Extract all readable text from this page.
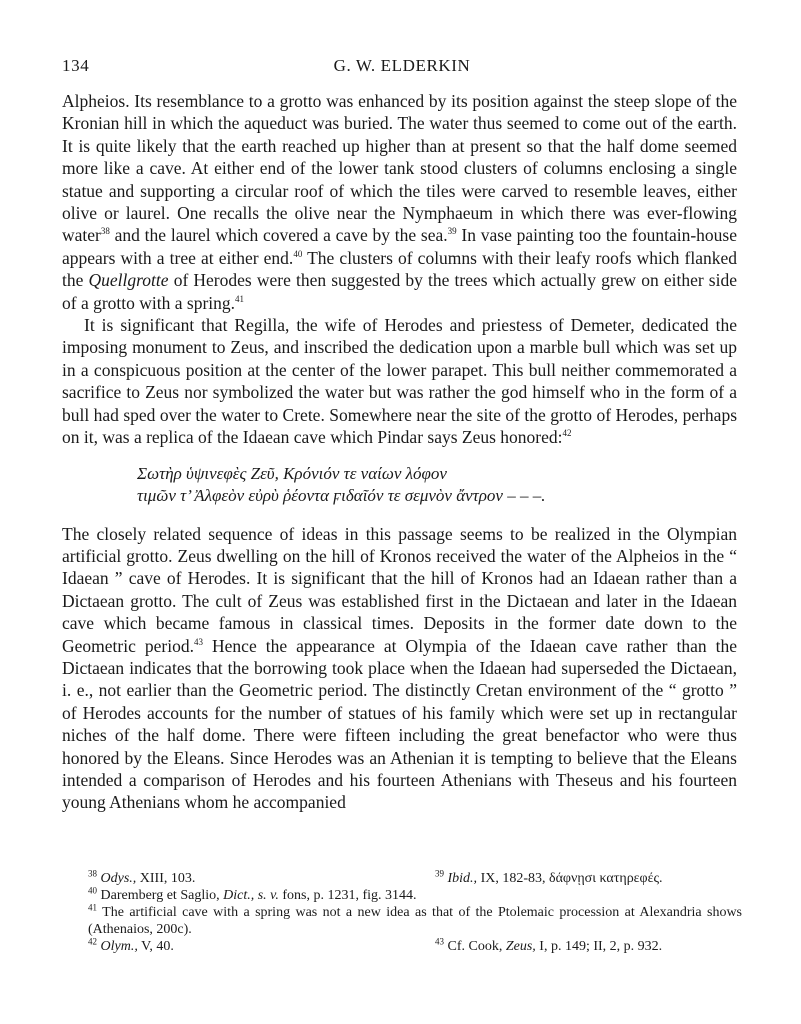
134	G. W. ELDERKIN

Alpheios. Its resemblance to a grotto was enhanced by its position against the steep slope of the Kronian hill in which the aqueduct was buried. The water thus seemed to come out of the earth. It is quite likely that the earth reached up higher than at present so that the half dome seemed more like a cave. At either end of the lower tank stood clusters of columns enclosing a single statue and supporting a circular roof of which the tiles were carved to resemble leaves, either olive or laurel. One recalls the olive near the Nymphaeum in which there was ever-flowing water$^{38}$ and the laurel which covered a cave by the sea.$^{39}$ In vase painting too the fountain-house appears with a tree at either end.$^{40}$ The clusters of columns with their leafy roofs which flanked the Quellgrotte of Herodes were then suggested by the trees which actually grew on either side of a grotto with a spring.$^{41}$

It is significant that Regilla, the wife of Herodes and priestess of Demeter, dedicated the imposing monument to Zeus, and inscribed the dedication upon a marble bull which was set up in a conspicuous position at the center of the lower parapet. This bull neither commemorated a sacrifice to Zeus nor symbolized the water but was rather the god himself who in the form of a bull had sped over the water to Crete. Somewhere near the site of the grotto of Herodes, perhaps on it, was a replica of the Idaean cave which Pindar says Zeus honored:$^{42}$

Σωτὴρ ὑψινεφὲς Ζεῦ, Κρόνιόν τε ναίων λόφον
τιμῶν τ’ Ἀλφεὸν εὐρὺ ῥέοντα ϝιδαῖόν τε σεμνὸν ἄντρον – – –.

The closely related sequence of ideas in this passage seems to be realized in the Olympian artificial grotto. Zeus dwelling on the hill of Kronos received the water of the Alpheios in the “ Idaean ” cave of Herodes. It is significant that the hill of Kronos had an Idaean rather than a Dictaean grotto. The cult of Zeus was established first in the Dictaean and later in the Idaean cave which became famous in classical times. Deposits in the former date down to the Geometric period.$^{43}$ Hence the appearance at Olympia of the Idaean cave rather than the Dictaean indicates that the borrowing took place when the Idaean had superseded the Dictaean, i. e., not earlier than the Geometric period. The distinctly Cretan environment of the “ grotto ” of Herodes accounts for the number of statues of his family which were set up in rectangular niches of the half dome. There were fifteen including the great benefactor who were thus honored by the Eleans. Since Herodes was an Athenian it is tempting to believe that the Eleans intended a comparison of Herodes and his fourteen Athenians with Theseus and his fourteen young Athenians whom he accompanied

$^{38}$ Odys., XIII, 103.	$^{39}$ Ibid., IX, 182-83, δάφνῃσι κατηρεφές.
$^{40}$ Daremberg et Saglio, Dict., s. v. fons, p. 1231, fig. 3144.
$^{41}$ The artificial cave with a spring was not a new idea as that of the Ptolemaic procession at Alexandria shows (Athenaios, 200c).
$^{42}$ Olym., V, 40.	$^{43}$ Cf. Cook, Zeus, I, p. 149; II, 2, p. 932.
